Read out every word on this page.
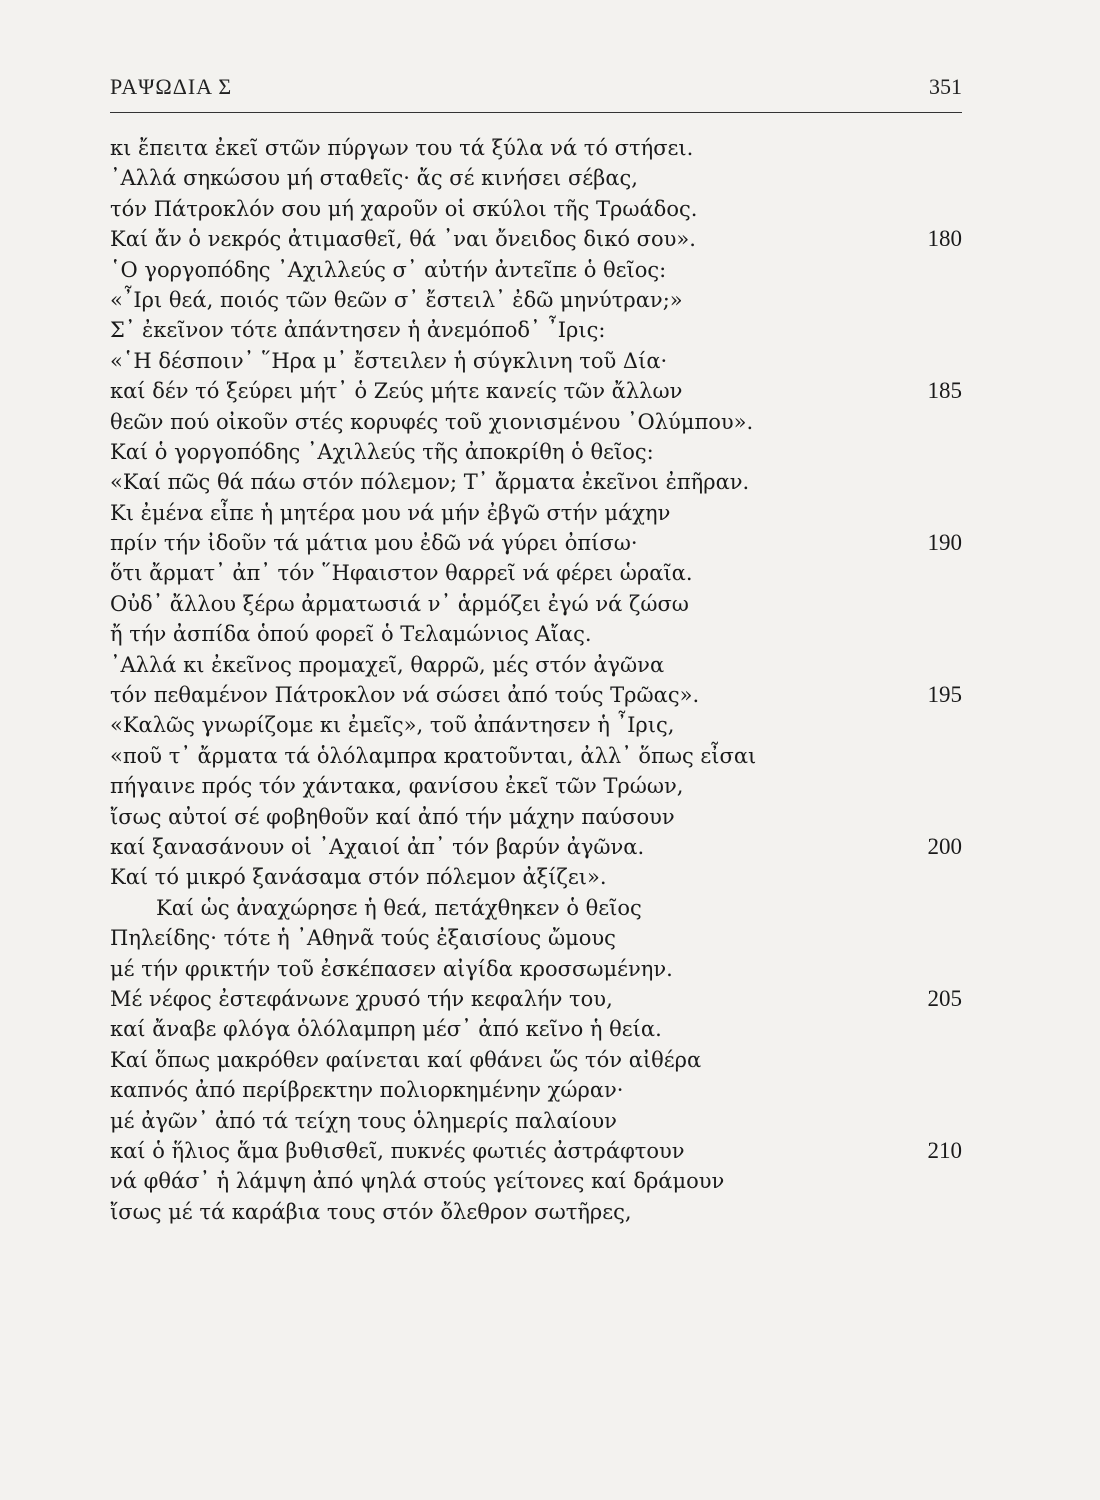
ΡΑΨΩΔΙΑ Σ	351
κι ἔπειτα ἐκεῖ στῶν πύργων του τά ξύλα νά τό στήσει.
᾿Αλλά σηκώσου μή σταθεῖς· ἄς σέ κινήσει σέβας,
τόν Πάτροκλόν σου μή χαροῦν οἱ σκύλοι τῆς Τρωάδος.
Καί ἄν ὁ νεκρός ἀτιμασθεῖ, θά ᾿ναι ὄνειδος δικό σου».	180
῾Ο γοργοπόδης ᾿Αχιλλεύς σ᾿ αὐτήν ἀντεῖπε ὁ θεῖος:
«῏Ιρι θεά, ποιός τῶν θεῶν σ᾿ ἔστειλ᾿ ἐδῶ μηνύτραν;»
Σ᾿ ἐκεῖνον τότε ἀπάντησεν ἡ ἀνεμόποδ᾿ ῏Ιρις:
«῾Η δέσποιν᾿ ῞Ηρα μ᾿ ἔστειλεν ἡ σύγκλινη τοῦ Δία·
καί δέν τό ξεύρει μήτ᾿ ὁ Ζεύς μήτε κανείς τῶν ἄλλων	185
θεῶν πού οἰκοῦν στές κορυφές τοῦ χιονισμένου ᾿Ολύμπου».
Καί ὁ γοργοπόδης ᾿Αχιλλεύς τῆς ἀποκρίθη ὁ θεῖος:
«Καί πῶς θά πάω στόν πόλεμον; Τ᾿ ἄρματα ἐκεῖνοι ἐπῆραν.
Κι ἐμένα εἶπε ἡ μητέρα μου νά μήν ἐβγῶ στήν μάχην
πρίν τήν ἰδοῦν τά μάτια μου ἐδῶ νά γύρει ὀπίσω·	190
ὅτι ἄρματ᾿ ἀπ᾿ τόν ῞Ηφαιστον θαρρεῖ νά φέρει ὡραῖα.
Οὐδ᾿ ἄλλου ξέρω ἀρματωσιά ν᾿ ἁρμόζει ἐγώ νά ζώσω
ἤ τήν ἀσπίδα ὁπού φορεῖ ὁ Τελαμώνιος Αἴας.
᾿Αλλά κι ἐκεῖνος προμαχεῖ, θαρρῶ, μές στόν ἀγῶνα
τόν πεθαμένον Πάτροκλον νά σώσει ἀπό τούς Τρῶας».	195
«Καλῶς γνωρίζομε κι ἐμεῖς», τοῦ ἀπάντησεν ἡ ῏Ιρις,
«ποῦ τ᾿ ἄρματα τά ὁλόλαμπρα κρατοῦνται, ἀλλ᾿ ὅπως εἶσαι
πήγαινε πρός τόν χάντακα, φανίσου ἐκεῖ τῶν Τρώων,
ἴσως αὐτοί σέ φοβηθοῦν καί ἀπό τήν μάχην παύσουν
καί ξανασάνουν οἱ ᾿Αχαιοί ἀπ᾿ τόν βαρύν ἀγῶνα.	200
Καί τό μικρό ξανάσαμα στόν πόλεμον ἀξίζει».
Καί ὡς ἀναχώρησε ἡ θεά, πετάχθηκεν ὁ θεῖος
Πηλείδης· τότε ἡ ᾿Αθηνᾶ τούς ἐξαισίους ὤμους
μέ τήν φρικτήν τοῦ ἐσκέπασεν αἰγίδα κροσσωμένην.
Μέ νέφος ἐστεφάνωνε χρυσό τήν κεφαλήν του,	205
καί ἄναβε φλόγα ὁλόλαμπρη μέσ᾿ ἀπό κεῖνο ἡ θεία.
Καί ὅπως μακρόθεν φαίνεται καί φθάνει ὥς τόν αἰθέρα
καπνός ἀπό περίβρεκτην πολιορκημένην χώραν·
μέ ἀγῶν᾿ ἀπό τά τείχη τους ὁλημερίς παλαίουν
καί ὁ ἥλιος ἅμα βυθισθεῖ, πυκνές φωτιές ἀστράφτουν	210
νά φθάσ᾿ ἡ λάμψη ἀπό ψηλά στούς γείτονες καί δράμουν
ἴσως μέ τά καράβια τους στόν ὄλεθρον σωτῆρες,
